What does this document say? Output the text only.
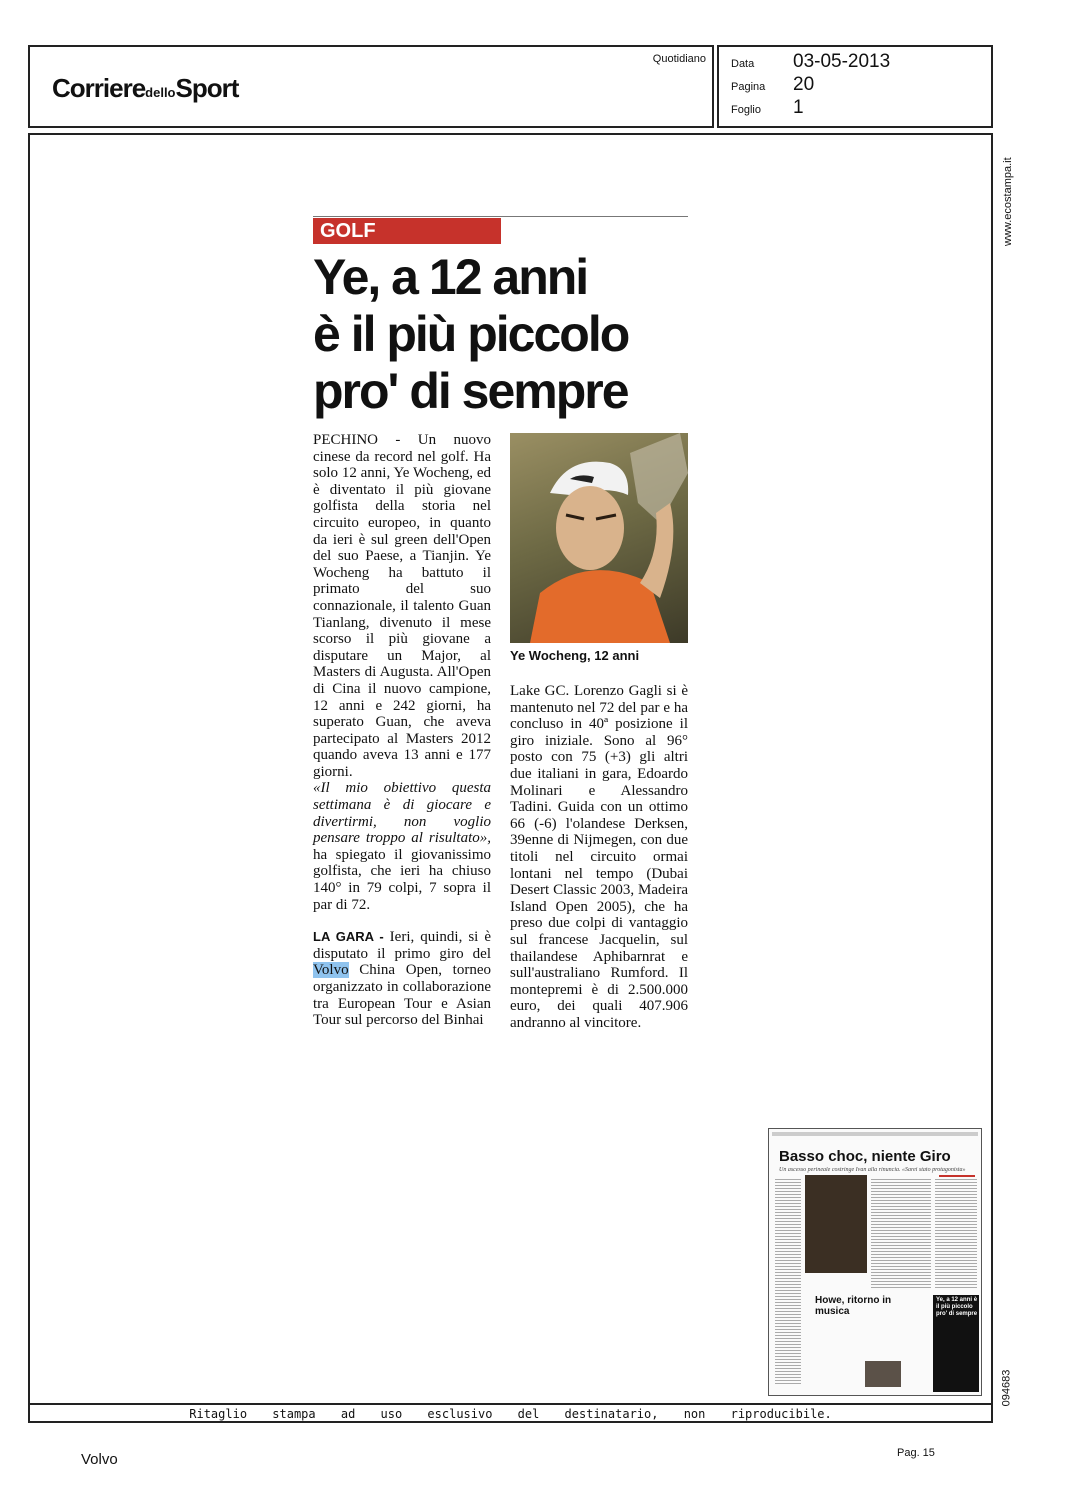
CorrieredelloSport
Quotidiano Data 03-05-2013
Pagina 20
Foglio 1
www.ecostampa.it
094683
GOLF
Ye, a 12 anni
è il più piccolo
pro' di sempre

PECHINO - Un nuovo cinese da record nel golf. Ha solo 12 anni, Ye Wocheng, ed è diventato il più giovane golfista della storia nel circuito europeo, in quanto da ieri è sul green dell'Open del suo Paese, a Tianjin. Ye Wocheng ha battuto il primato del suo connazionale, il talento Guan Tianlang, divenuto il mese scorso il più giovane a disputare un Major, al Masters di Augusta. All'Open di Cina il nuovo campione, 12 anni e 242 giorni, ha superato Guan, che aveva partecipato al Masters 2012 quando aveva 13 anni e 177 giorni.

«Il mio obiettivo questa settimana è di giocare e divertirmi, non voglio pensare troppo al risultato», ha spiegato il giovanissimo golfista, che ieri ha chiuso 140° in 79 colpi, 7 sopra il par di 72.

LA GARA - Ieri, quindi, si è disputato il primo giro del Volvo China Open, torneo organizzato in collaborazione tra European Tour e Asian Tour sul percorso del Binhai

Ye Wocheng, 12 anni

Lake GC. Lorenzo Gagli si è mantenuto nel 72 del par e ha concluso in 40ª posizione il giro iniziale. Sono al 96° posto con 75 (+3) gli altri due italiani in gara, Edoardo Molinari e Alessandro Tadini. Guida con un ottimo 66 (-6) l'olandese Derksen, 39enne di Nijmegen, con due titoli nel circuito ormai lontani nel tempo (Dubai Desert Classic 2003, Madeira Island Open 2005), che ha preso due colpi di vantaggio sul francese Jacquelin, sul thailandese Aphibarnrat e sull'australiano Rumford. Il montepremi è di 2.500.000 euro, dei quali 407.906 andranno al vincitore.

Basso choc, niente Giro
Un ascesso perineale costringe Ivan alla rinuncia. «Sarei stato protagonista»
Howe, ritorno in musica
Ye, a 12 anni è il più piccolo pro' di sempre
Ritaglio stampa ad uso esclusivo del destinatario, non riproducibile.
Volvo	Pag. 15
